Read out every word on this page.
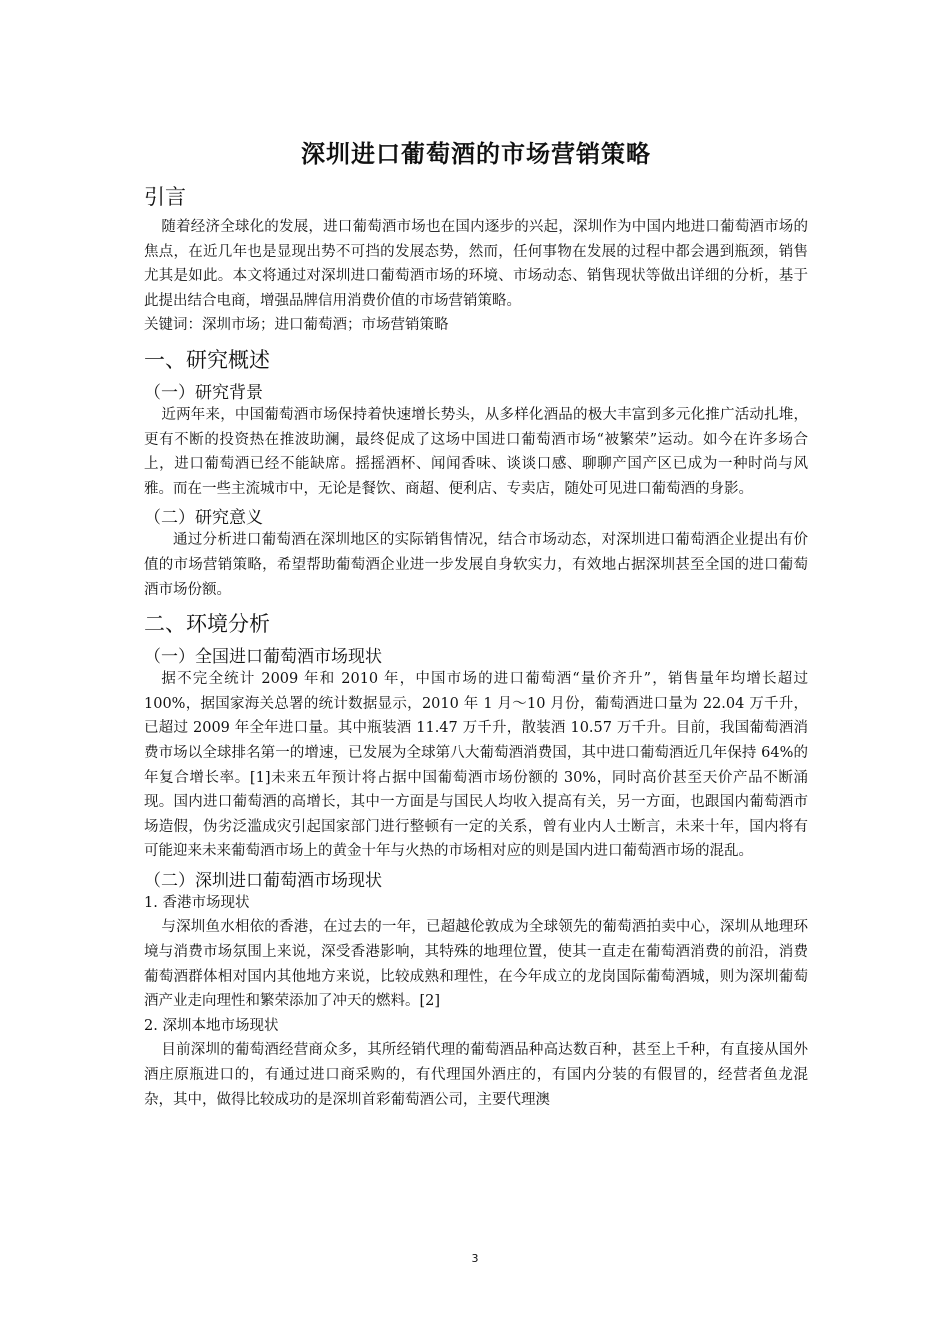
深圳进口葡萄酒的市场营销策略
引言

随着经济全球化的发展，进口葡萄酒市场也在国内逐步的兴起，深圳作为中国内地进口葡萄酒市场的焦点，在近几年也是显现出势不可挡的发展态势，然而，任何事物在发展的过程中都会遇到瓶颈，销售尤其是如此。本文将通过对深圳进口葡萄酒市场的环境、市场动态、销售现状等做出详细的分析，基于此提出结合电商，增强品牌信用消费价值的市场营销策略。

关键词：深圳市场；进口葡萄酒；市场营销策略

一、研究概述
（一）研究背景

近两年来，中国葡萄酒市场保持着快速增长势头，从多样化酒品的极大丰富到多元化推广活动扎堆，更有不断的投资热在推波助澜，最终促成了这场中国进口葡萄酒市场“被繁荣”运动。如今在许多场合上，进口葡萄酒已经不能缺席。摇摇酒杯、闻闻香味、谈谈口感、聊聊产国产区已成为一种时尚与风雅。而在一些主流城市中，无论是餐饮、商超、便利店、专卖店，随处可见进口葡萄酒的身影。

（二）研究意义

通过分析进口葡萄酒在深圳地区的实际销售情况，结合市场动态，对深圳进口葡萄酒企业提出有价值的市场营销策略，希望帮助葡萄酒企业进一步发展自身软实力，有效地占据深圳甚至全国的进口葡萄酒市场份额。

二、环境分析
（一）全国进口葡萄酒市场现状

据不完全统计 2009 年和 2010 年，中国市场的进口葡萄酒“量价齐升”，销售量年均增长超过 100%，据国家海关总署的统计数据显示，2010 年 1 月～10 月份，葡萄酒进口量为 22.04 万千升，已超过 2009 年全年进口量。其中瓶装酒 11.47 万千升，散装酒 10.57 万千升。目前，我国葡萄酒消费市场以全球排名第一的增速，已发展为全球第八大葡萄酒消费国，其中进口葡萄酒近几年保持 64%的年复合增长率。[1]未来五年预计将占据中国葡萄酒市场份额的 30%，同时高价甚至天价产品不断涌现。国内进口葡萄酒的高增长，其中一方面是与国民人均收入提高有关，另一方面，也跟国内葡萄酒市场造假，伪劣泛滥成灾引起国家部门进行整顿有一定的关系，曾有业内人士断言，未来十年，国内将有可能迎来未来葡萄酒市场上的黄金十年与火热的市场相对应的则是国内进口葡萄酒市场的混乱。

（二）深圳进口葡萄酒市场现状

1. 香港市场现状

与深圳鱼水相依的香港，在过去的一年，已超越伦敦成为全球领先的葡萄酒拍卖中心，深圳从地理环境与消费市场氛围上来说，深受香港影响，其特殊的地理位置，使其一直走在葡萄酒消费的前沿，消费葡萄酒群体相对国内其他地方来说，比较成熟和理性，在今年成立的龙岗国际葡萄酒城，则为深圳葡萄酒产业走向理性和繁荣添加了冲天的燃料。[2]

2. 深圳本地市场现状

目前深圳的葡萄酒经营商众多，其所经销代理的葡萄酒品种高达数百种，甚至上千种，有直接从国外酒庄原瓶进口的，有通过进口商采购的，有代理国外酒庄的，有国内分装的有假冒的，经营者鱼龙混杂，其中，做得比较成功的是深圳首彩葡萄酒公司，主要代理澳

3
